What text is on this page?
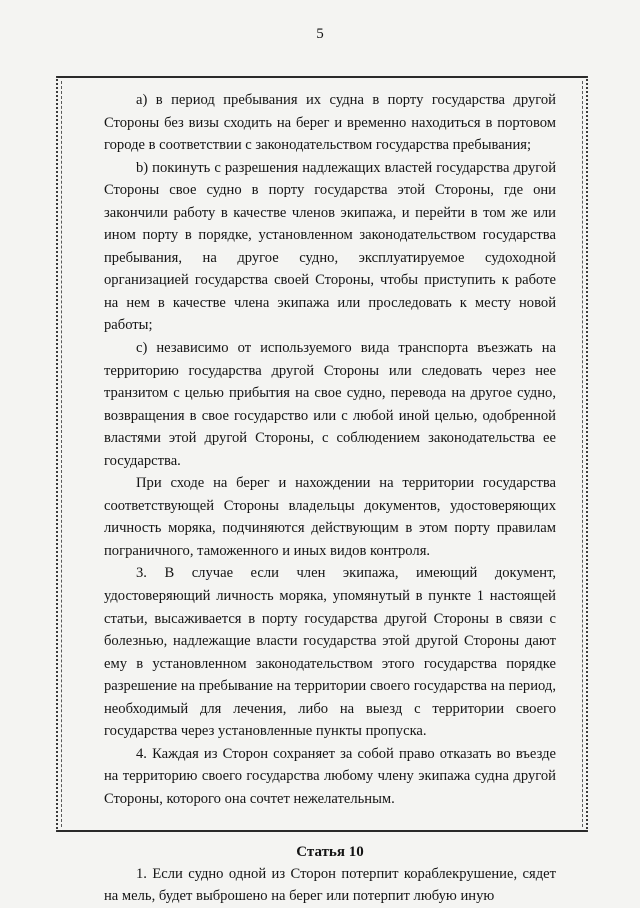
5

а) в период пребывания их судна в порту государства другой Стороны без визы сходить на берег и временно находиться в портовом городе в соответствии с законодательством государства пребывания;

b) покинуть с разрешения надлежащих властей государства другой Стороны свое судно в порту государства этой Стороны, где они закончили работу в качестве членов экипажа, и перейти в том же или ином порту в порядке, установленном законодательством государства пребывания, на другое судно, эксплуатируемое судоходной организацией государства своей Стороны, чтобы приступить к работе на нем в качестве члена экипажа или проследовать к месту новой работы;

c) независимо от используемого вида транспорта въезжать на территорию государства другой Стороны или следовать через нее транзитом с целью прибытия на свое судно, перевода на другое судно, возвращения в свое государство или с любой иной целью, одобренной властями этой другой Стороны, с соблюдением законодательства ее государства.

При сходе на берег и нахождении на территории государства соответствующей Стороны владельцы документов, удостоверяющих личность моряка, подчиняются действующим в этом порту правилам пограничного, таможенного и иных видов контроля.

3. В случае если член экипажа, имеющий документ, удостоверяющий личность моряка, упомянутый в пункте 1 настоящей статьи, высаживается в порту государства другой Стороны в связи с болезнью, надлежащие власти государства этой другой Стороны дают ему в установленном законодательством этого государства порядке разрешение на пребывание на территории своего государства на период, необходимый для лечения, либо на выезд с территории своего государства через установленные пункты пропуска.

4. Каждая из Сторон сохраняет за собой право отказать во въезде на территорию своего государства любому члену экипажа судна другой Стороны, которого она сочтет нежелательным.

Статья 10

1. Если судно одной из Сторон потерпит кораблекрушение, сядет на мель, будет выброшено на берег или потерпит любую иную
